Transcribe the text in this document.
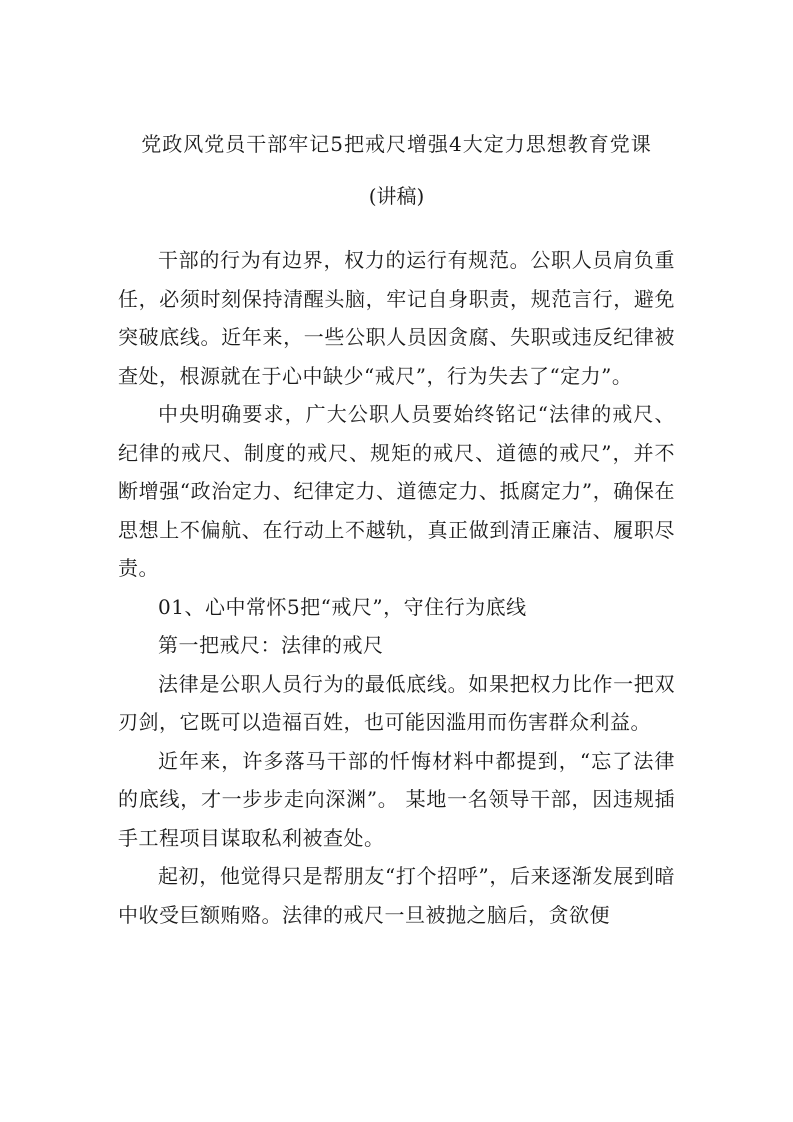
党政风党员干部牢记5把戒尺增强4大定力思想教育党课
(讲稿)

干部的行为有边界，权力的运行有规范。公职人员肩负重任，必须时刻保持清醒头脑，牢记自身职责，规范言行，避免突破底线。近年来，一些公职人员因贪腐、失职或违反纪律被查处，根源就在于心中缺少“戒尺”，行为失去了“定力”。

中央明确要求，广大公职人员要始终铭记“法律的戒尺、纪律的戒尺、制度的戒尺、规矩的戒尺、道德的戒尺”，并不断增强“政治定力、纪律定力、道德定力、抵腐定力”，确保在思想上不偏航、在行动上不越轨，真正做到清正廉洁、履职尽责。

01、心中常怀5把“戒尺”，守住行为底线

第一把戒尺：法律的戒尺

法律是公职人员行为的最低底线。如果把权力比作一把双刃剑，它既可以造福百姓，也可能因滥用而伤害群众利益。

近年来，许多落马干部的忏悔材料中都提到，“忘了法律的底线，才一步步走向深渊”。 某地一名领导干部，因违规插手工程项目谋取私利被查处。

起初，他觉得只是帮朋友“打个招呼”，后来逐渐发展到暗中收受巨额贿赂。法律的戒尺一旦被抛之脑后，贪欲便
